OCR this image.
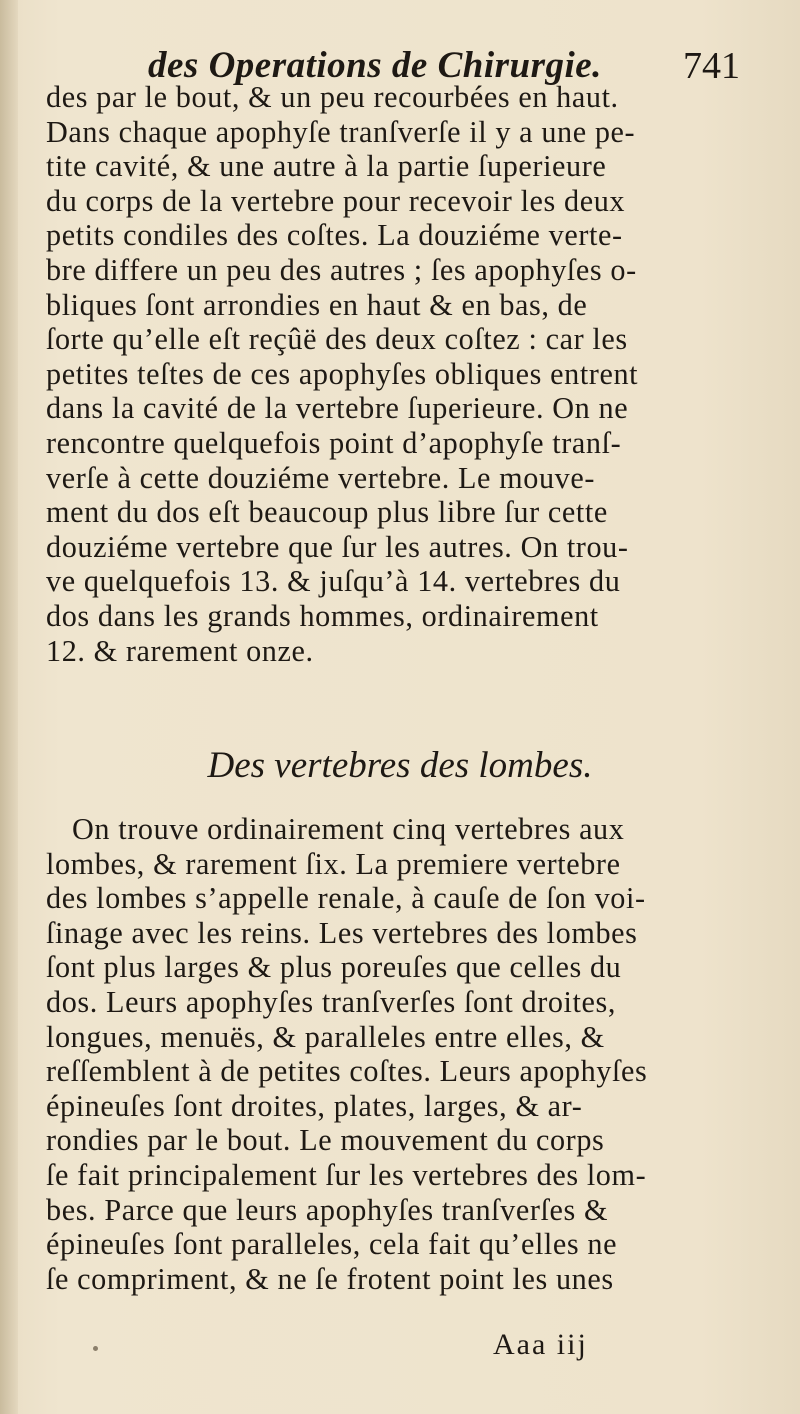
des Operations de Chirurgie. 741

des par le bout, & un peu recourbées en haut.

Dans chaque apophyſe tranſverſe il y a une pe-

tite cavité, & une autre à la partie ſuperieure

du corps de la vertebre pour recevoir les deux

petits condiles des coſtes. La douziéme verte-

bre differe un peu des autres ; ſes apophyſes o-

bliques ſont arrondies en haut & en bas, de

ſorte qu’elle eſt reçûë des deux coſtez : car les

petites teſtes de ces apophyſes obliques entrent

dans la cavité de la vertebre ſuperieure. On ne

rencontre quelquefois point d’apophyſe tranſ-

verſe à cette douziéme vertebre. Le mouve-

ment du dos eſt beaucoup plus libre ſur cette

douziéme vertebre que ſur les autres. On trou-

ve quelquefois 13. & juſqu’à 14. vertebres du

dos dans les grands hommes, ordinairement

12. & rarement onze.

Des vertebres des lombes.

On trouve ordinairement cinq vertebres aux

lombes, & rarement ſix. La premiere vertebre

des lombes s’appelle renale, à cauſe de ſon voi-

ſinage avec les reins. Les vertebres des lombes

ſont plus larges & plus poreuſes que celles du

dos. Leurs apophyſes tranſverſes ſont droites,

longues, menuës, & paralleles entre elles, &

reſſemblent à de petites coſtes. Leurs apophyſes

épineuſes ſont droites, plates, larges, & ar-

rondies par le bout. Le mouvement du corps

ſe fait principalement ſur les vertebres des lom-

bes. Parce que leurs apophyſes tranſverſes &

épineuſes ſont paralleles, cela fait qu’elles ne

ſe compriment, & ne ſe frotent point les unes

Aaa iij
